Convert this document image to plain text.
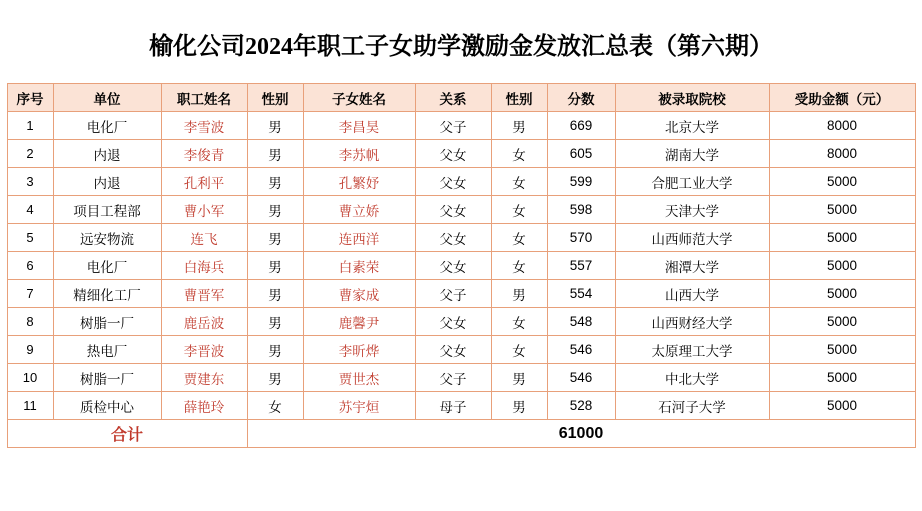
榆化公司2024年职工子女助学激励金发放汇总表（第六期）
序号	单位	职工姓名	性别	子女姓名	关系	性别	分数	被录取院校	受助金额（元）
1	电化厂	李雪波	男	李昌昊	父子	男	669	北京大学	8000
2	内退	李俊青	男	李苏帆	父女	女	605	湖南大学	8000
3	内退	孔利平	男	孔繁妤	父女	女	599	合肥工业大学	5000
4	项目工程部	曹小军	男	曹立娇	父女	女	598	天津大学	5000
5	远安物流	连飞	男	连西洋	父女	女	570	山西师范大学	5000
6	电化厂	白海兵	男	白素荣	父女	女	557	湘潭大学	5000
7	精细化工厂	曹晋军	男	曹家成	父子	男	554	山西大学	5000
8	树脂一厂	鹿岳波	男	鹿馨尹	父女	女	548	山西财经大学	5000
9	热电厂	李晋波	男	李昕烨	父女	女	546	太原理工大学	5000
10	树脂一厂	贾建东	男	贾世杰	父子	男	546	中北大学	5000
11	质检中心	薛艳玲	女	苏宇烜	母子	男	528	石河子大学	5000
合计			61000						
